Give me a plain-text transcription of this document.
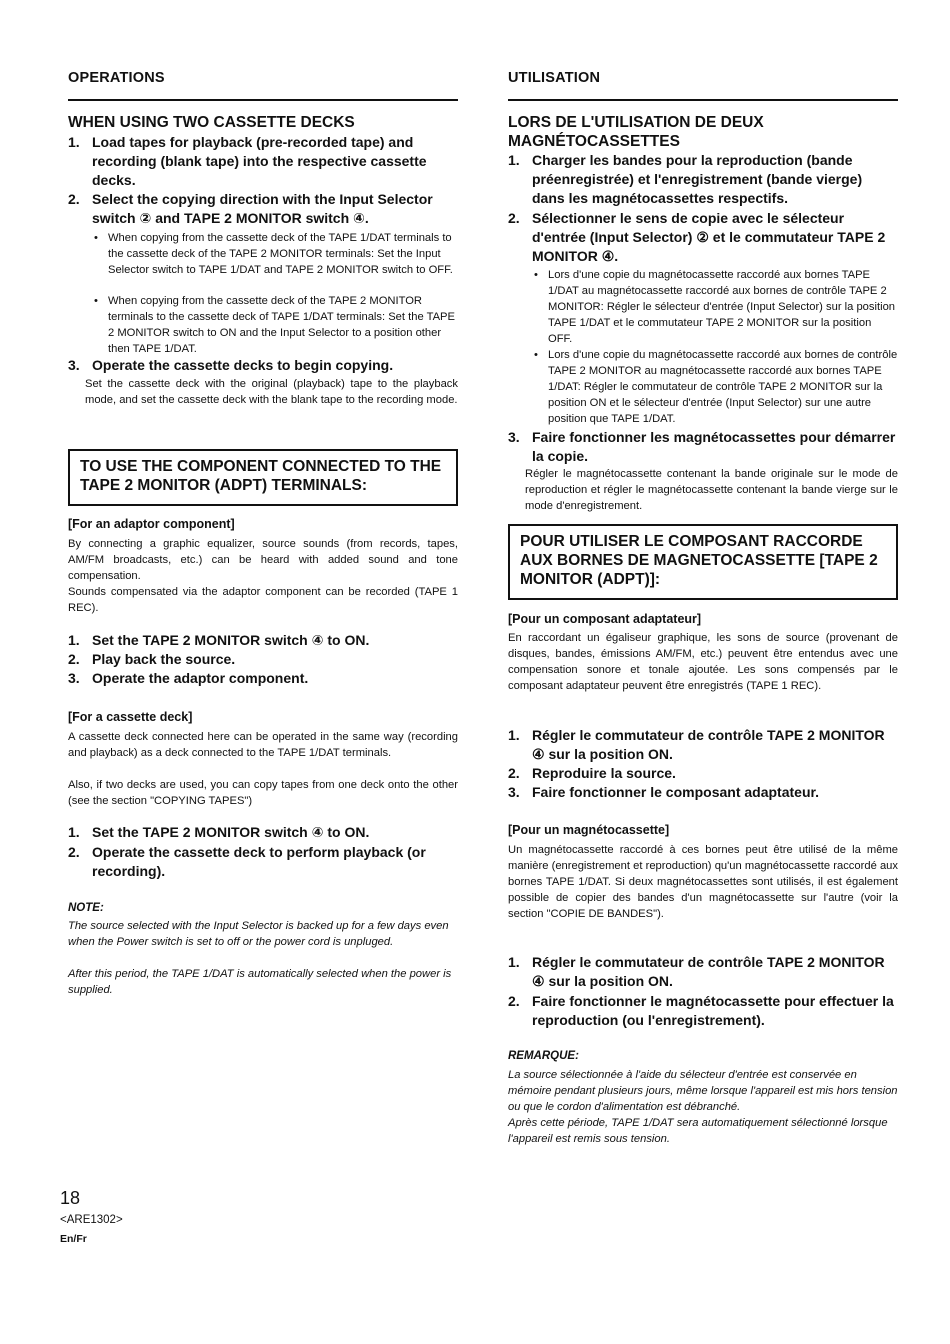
OPERATIONS
WHEN USING TWO CASSETTE DECKS
1. Load tapes for playback (pre-recorded tape) and recording (blank tape) into the respective cassette decks.
2. Select the copying direction with the Input Selector switch ② and TAPE 2 MONITOR switch ④.
• When copying from the cassette deck of the TAPE 1/DAT terminals to the cassette deck of the TAPE 2 MONITOR terminals: Set the Input Selector switch to TAPE 1/DAT and TAPE 2 MONITOR switch to OFF.
• When copying from the cassette deck of the TAPE 2 MONITOR terminals to the cassette deck of TAPE 1/DAT terminals: Set the TAPE 2 MONITOR switch to ON and the Input Selector to a position other then TAPE 1/DAT.
3. Operate the cassette decks to begin copying.
Set the cassette deck with the original (playback) tape to the playback mode, and set the cassette deck with the blank tape to the recording mode.
TO USE THE COMPONENT CONNECTED TO THE TAPE 2 MONITOR (ADPT) TERMINALS:
[For an adaptor component]
By connecting a graphic equalizer, source sounds (from records, tapes, AM/FM broadcasts, etc.) can be heard with added sound and tone compensation.
Sounds compensated via the adaptor component can be recorded (TAPE 1 REC).
1. Set the TAPE 2 MONITOR switch ④ to ON.
2. Play back the source.
3. Operate the adaptor component.
[For a cassette deck]
A cassette deck connected here can be operated in the same way (recording and playback) as a deck connected to the TAPE 1/DAT terminals.
Also, if two decks are used, you can copy tapes from one deck onto the other (see the section "COPYING TAPES")
1. Set the TAPE 2 MONITOR switch ④ to ON.
2. Operate the cassette deck to perform playback (or recording).
NOTE:
The source selected with the Input Selector is backed up for a few days even when the Power switch is set to off or the power cord is unpluged.
After this period, the TAPE 1/DAT is automatically selected when the power is supplied.
UTILISATION
LORS DE L'UTILISATION DE DEUX MAGNÉTOCASSETTES
1. Charger les bandes pour la reproduction (bande préenregistrée) et l'enregistrement (bande vierge) dans les magnétocassettes respectifs.
2. Sélectionner le sens de copie avec le sélecteur d'entrée (Input Selector) ② et le commutateur TAPE 2 MONITOR ④.
• Lors d'une copie du magnétocassette raccordé aux bornes TAPE 1/DAT au magnétocassette raccordé aux bornes de contrôle TAPE 2 MONITOR: Régler le sélecteur d'entrée (Input Selector) sur la position TAPE 1/DAT et le commutateur TAPE 2 MONITOR sur la position OFF.
• Lors d'une copie du magnétocassette raccordé aux bornes de contrôle TAPE 2 MONITOR au magnétocassette raccordé aux bornes TAPE 1/DAT: Régler le commutateur de contrôle TAPE 2 MONITOR sur la position ON et le sélecteur d'entrée (Input Selector) sur une autre position que TAPE 1/DAT.
3. Faire fonctionner les magnétocassettes pour démarrer la copie.
Régler le magnétocassette contenant la bande originale sur le mode de reproduction et régler le magnétocassette contenant la bande vierge sur le mode d'enregistrement.
POUR UTILISER LE COMPOSANT RACCORDE AUX BORNES DE MAGNETOCASSETTE [TAPE 2 MONITOR (ADPT)]:
[Pour un composant adaptateur]
En raccordant un égaliseur graphique, les sons de source (provenant de disques, bandes, émissions AM/FM, etc.) peuvent être entendus avec une compensation sonore et tonale ajoutée. Les sons compensés par le composant adaptateur peuvent être enregistrés (TAPE 1 REC).
1. Régler le commutateur de contrôle TAPE 2 MONITOR ④ sur la position ON.
2. Reproduire la source.
3. Faire fonctionner le composant adaptateur.
[Pour un magnétocassette]
Un magnétocassette raccordé à ces bornes peut être utilisé de la même manière (enregistrement et reproduction) qu'un magnétocassette raccordé aux bornes TAPE 1/DAT. Si deux magnétocassettes sont utilisés, il est également possible de copier des bandes d'un magnétocassette sur l'autre (voir la section "COPIE DE BANDES").
1. Régler le commutateur de contrôle TAPE 2 MONITOR ④ sur la position ON.
2. Faire fonctionner le magnétocassette pour effectuer la reproduction (ou l'enregistrement).
REMARQUE:
La source sélectionnée à l'aide du sélecteur d'entrée est conservée en mémoire pendant plusieurs jours, même lorsque l'appareil est mis hors tension ou que le cordon d'alimentation est débranché.
Après cette période, TAPE 1/DAT sera automatiquement sélectionné lorsque l'appareil est remis sous tension.
18
<ARE1302>
En/Fr
